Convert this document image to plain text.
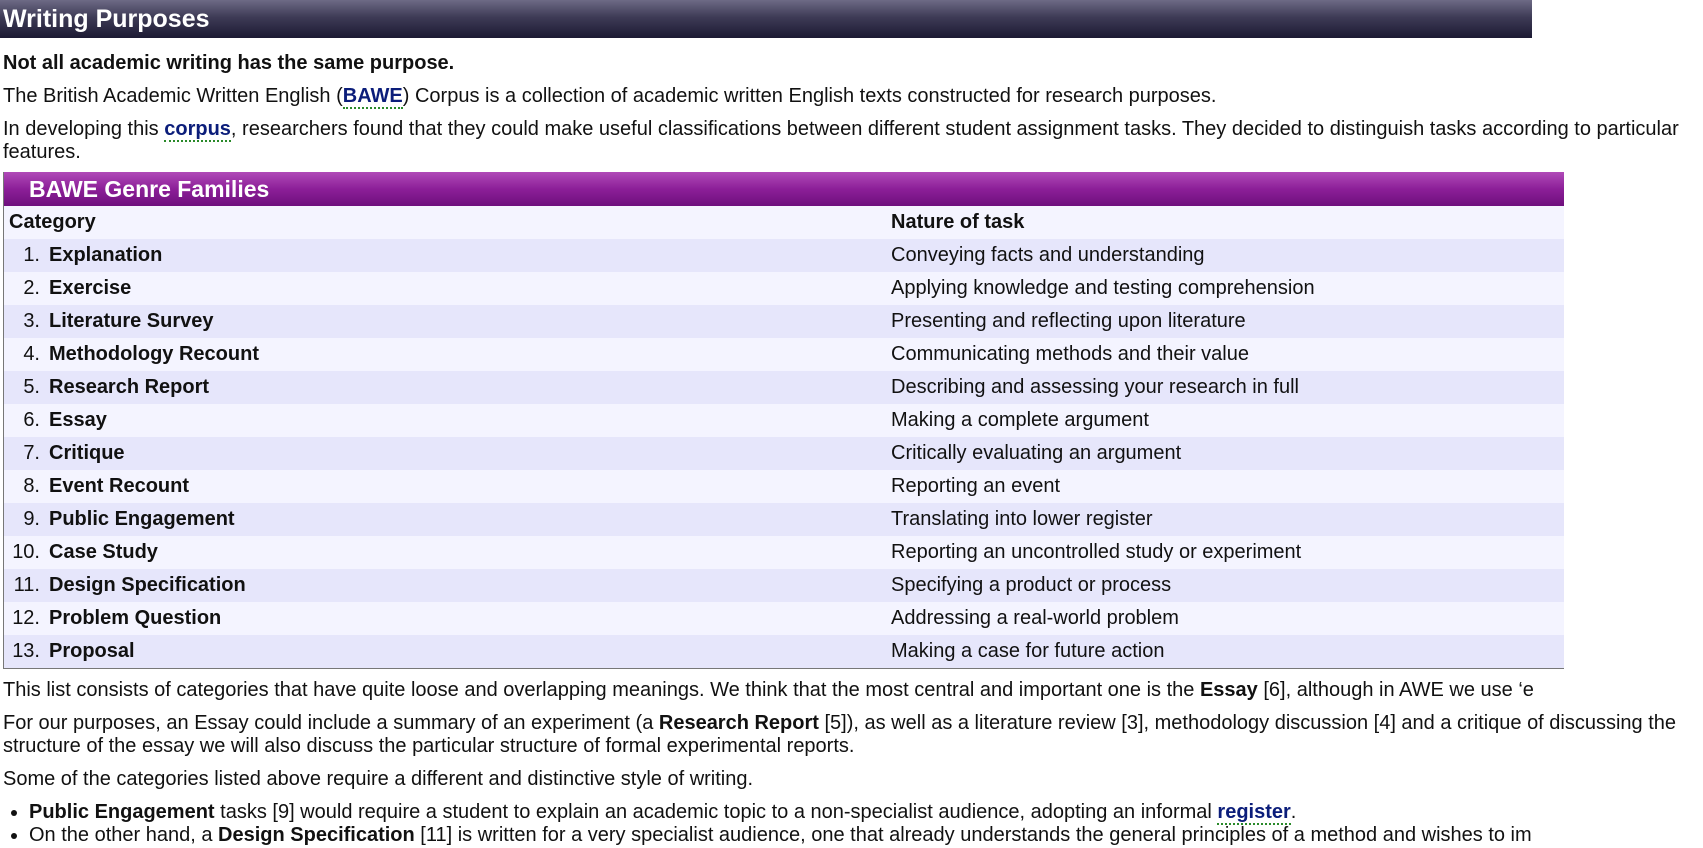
Writing Purposes

Not all academic writing has the same purpose.

The British Academic Written English (BAWE) Corpus is a collection of academic written English texts constructed for research purposes.

In developing this corpus, researchers found that they could make useful classifications between different student assignment tasks. They decided to distinguish tasks according to particular features.

BAWE Genre Families
Category	Nature of task
1. Explanation	Conveying facts and understanding
2. Exercise	Applying knowledge and testing comprehension
3. Literature Survey	Presenting and reflecting upon literature
4. Methodology Recount	Communicating methods and their value
5. Research Report	Describing and assessing your research in full
6. Essay	Making a complete argument
7. Critique	Critically evaluating an argument
8. Event Recount	Reporting an event
9. Public Engagement	Translating into lower register
10. Case Study	Reporting an uncontrolled study or experiment
11. Design Specification	Specifying a product or process
12. Problem Question	Addressing a real-world problem
13. Proposal	Making a case for future action

This list consists of categories that have quite loose and overlapping meanings. We think that the most central and important one is the Essay [6], although in AWE we use ‘e

For our purposes, an Essay could include a summary of an experiment (a Research Report [5]), as well as a literature review [3], methodology discussion [4] and a critique of discussing the structure of the essay we will also discuss the particular structure of formal experimental reports.

Some of the categories listed above require a different and distinctive style of writing.

• Public Engagement tasks [9] would require a student to explain an academic topic to a non-specialist audience, adopting an informal register.
• On the other hand, a Design Specification [11] is written for a very specialist audience, one that already understands the general principles of a method and wishes to im
